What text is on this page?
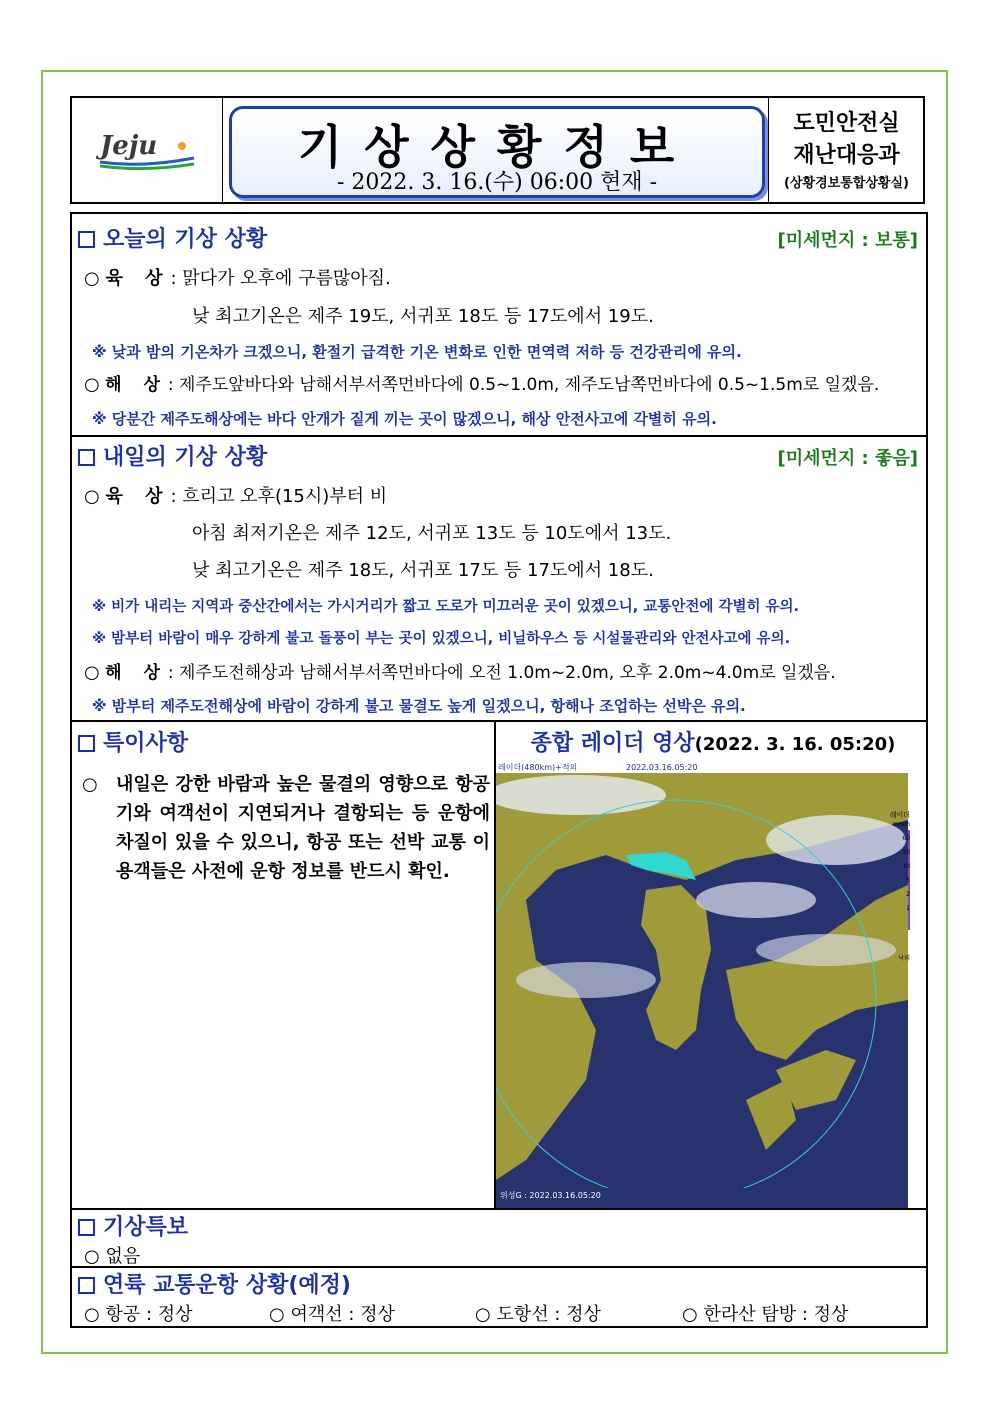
Jeju	기상상황정보
- 2022. 3. 16.(수) 06:00 현재 -
도민안전실
재난대응과
(상황경보통합상황실)
오늘의 기상 상황	[미세먼지 : 보통]
○ 육 상: 맑다가 오후에 구름많아짐.
낮 최고기온은 제주 19도, 서귀포 18도 등 17도에서 19도.
※ 낮과 밤의 기온차가 크겠으니, 환절기 급격한 기온 변화로 인한 면역력 저하 등 건강관리에 유의.
○ 해 상: 제주도앞바다와 남해서부서쪽먼바다에 0.5~1.0m, 제주도남쪽먼바다에 0.5~1.5m로 일겠음.
※ 당분간 제주도해상에는 바다 안개가 짙게 끼는 곳이 많겠으니, 해상 안전사고에 각별히 유의.
내일의 기상 상황	[미세먼지 : 좋음]
○ 육 상: 흐리고 오후(15시)부터 비
아침 최저기온은 제주 12도, 서귀포 13도 등 10도에서 13도.
낮 최고기온은 제주 18도, 서귀포 17도 등 17도에서 18도.
※ 비가 내리는 지역과 중산간에서는 가시거리가 짧고 도로가 미끄러운 곳이 있겠으니, 교통안전에 각별히 유의.
※ 밤부터 바람이 매우 강하게 불고 돌풍이 부는 곳이 있겠으니, 비닐하우스 등 시설물관리와 안전사고에 유의.
○ 해 상: 제주도전해상과 남해서부서쪽먼바다에 오전 1.0m~2.0m, 오후 2.0m~4.0m로 일겠음.
※ 밤부터 제주도전해상에 바람이 강하게 불고 물결도 높게 일겠으니, 항해나 조업하는 선박은 유의.
특이사항
○ 내일은 강한 바람과 높은 물결의 영향으로 항공기와 여객선이 지연되거나 결항되는 등 운항에 차질이 있을 수 있으니, 항공 또는 선박 교통 이용객들은 사전에 운항 정보를 반드시 확인.
종합 레이더 영상(2022. 3. 16. 05:20)
레이더(480km)+적외	2022.03.16.05:20
위성G : 2022.03.16.05:20
레이더
mm/h
60
30
10
5
2
1
낙뢰
기상특보
○ 없음
연륙 교통운항 상황(예정)
○ 항공 : 정상	○ 여객선 : 정상	○ 도항선 : 정상	○ 한라산 탐방 : 정상
